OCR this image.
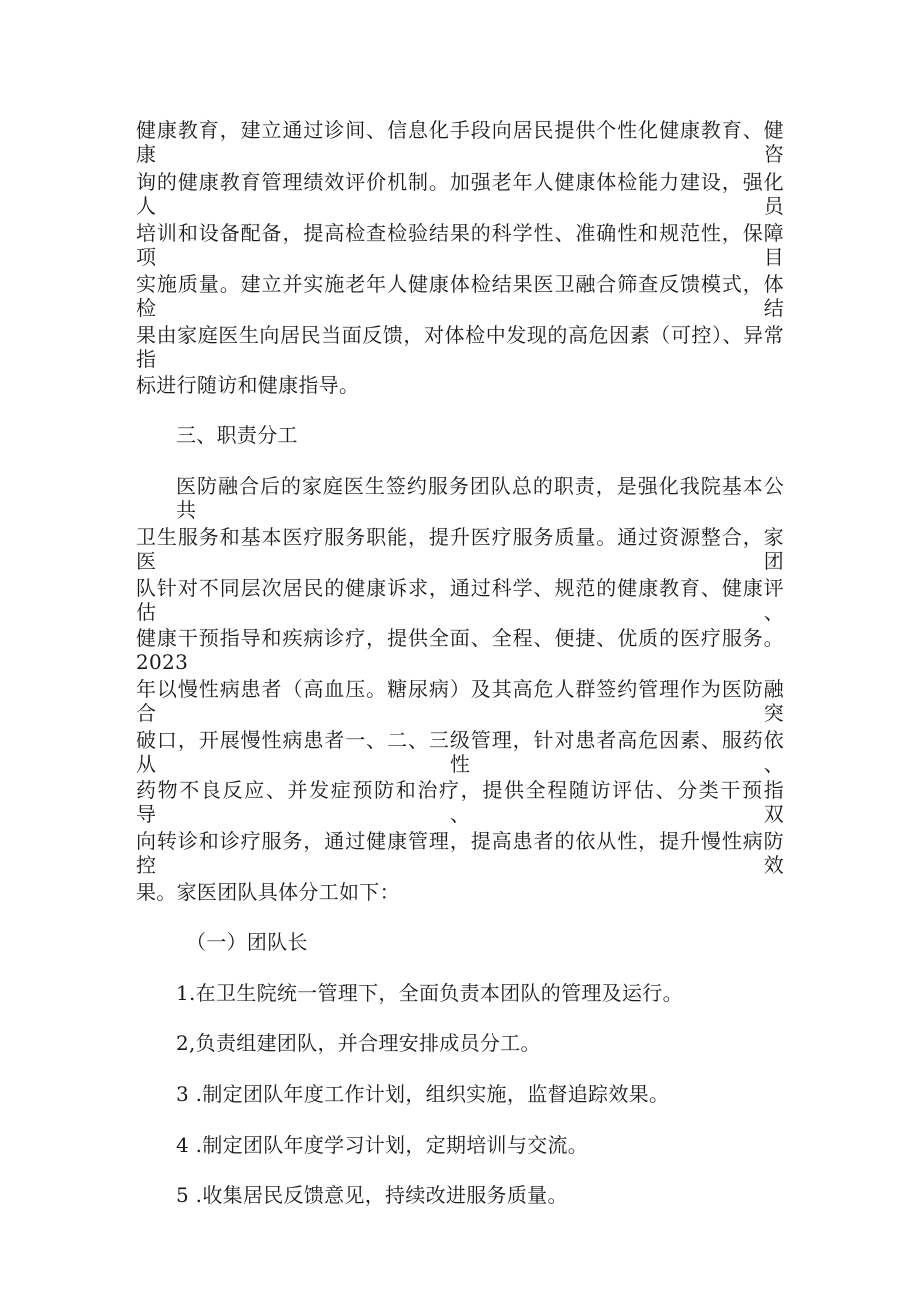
健康教育，建立通过诊间、信息化手段向居民提供个性化健康教育、健康咨
询的健康教育管理绩效评价机制。加强老年人健康体检能力建设，强化人员
培训和设备配备，提高检查检验结果的科学性、准确性和规范性，保障项目
实施质量。建立并实施老年人健康体检结果医卫融合筛查反馈模式，体检结
果由家庭医生向居民当面反馈，对体检中发现的高危因素（可控）、异常指
标进行随访和健康指导。
三、职责分工
医防融合后的家庭医生签约服务团队总的职责，是强化我院基本公共
卫生服务和基本医疗服务职能，提升医疗服务质量。通过资源整合，家医团
队针对不同层次居民的健康诉求，通过科学、规范的健康教育、健康评估、
健康干预指导和疾病诊疗，提供全面、全程、便捷、优质的医疗服务。2023
年以慢性病患者（高血压。糖尿病）及其高危人群签约管理作为医防融合突
破口，开展慢性病患者一、二、三级管理，针对患者高危因素、服药依从性、
药物不良反应、并发症预防和治疗，提供全程随访评估、分类干预指导、双
向转诊和诊疗服务，通过健康管理，提高患者的依从性，提升慢性病防控效
果。家医团队具体分工如下：
（一）团队长
1.在卫生院统一管理下，全面负责本团队的管理及运行。
2,负责组建团队，并合理安排成员分工。
3 .制定团队年度工作计划，组织实施，监督追踪效果。
4 .制定团队年度学习计划，定期培训与交流。
5 .收集居民反馈意见，持续改进服务质量。
